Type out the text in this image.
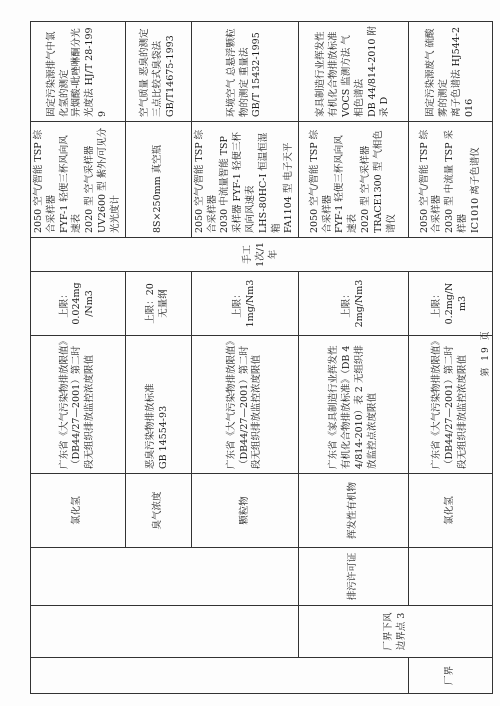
			氯化氢	广东省《大气污染物排放限值》（DB44/27—2001）第二时段无组织排放监控浓度限值	上限： 0.024mg /Nm3	手工 1次/1年	2050 空气/智能 TSP 综合采样器 FYF-1 轻便三杯风向风速表 2020 型 空气采样器 UV2600 型 紫外/可见分光光度计	固定污染源排气中氯化氢的测定 异烟酸-吡唑啉酮分光光度法 HJ/T 28-1999

			臭气浓度	恶臭污染物排放标准 GB 14554-93	上限：20 无量纲		8S×250mm 真空瓶	空气质量 恶臭的测定 三点比较式臭袋法 GB/T14675-1993

			颗粒物	广东省《大气污染物排放限值》（DB44/27—2001）第二时段无组织排放监控浓度限值	上限： 1mg/Nm3		2050 空气/智能 TSP 综合采样器 2030 中流量智能 TSP 采样器 FYF-1 轻便三杯风向风速表 LHS-80HC-Ⅰ 恒温恒湿箱 FA1104 型 电子天平	环境空气 总悬浮颗粒物的测定 重量法 GB/T 15432-1995

	厂界下风边界点 3	排污许可证	挥发性有机物	广东省《家具制造行业挥发性有机化合物排放标准》（DB 44/814-2010）表 2 无组织排放监控点浓度限值	上限： 2mg/Nm3		2050 空气/智能 TSP 综合采样器 FYF-1 轻便三杯风向风速表 2020 型 空气采样器 TRACE1300 型 气相色谱仪	家具制造行业挥发性有机化合物排放标准 VOCS 监测方法 气相色谱法 DB 44/814-2010 附录 D

厂界			氯化氢	广东省《大气污染物排放限值》（DB44/27—2001）第二时段无组织排放监控浓度限值	上限： 0.2mg/N m3		2050 空气/智能 TSP 综合采样器 2030 型 中流量 TSP 采样器 IC1010 离子色谱仪	固定污染源废气 硫酸雾的测定 离子色谱法 HJ544-2016
第 19 页
